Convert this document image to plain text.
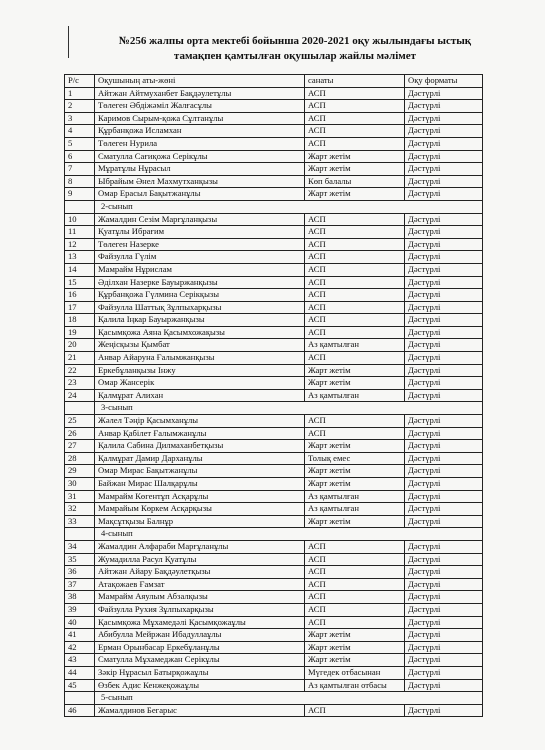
№256 жалпы орта мектебі бойынша 2020-2021 оқу жылындағы ыстық
тамақпен қамтылған оқушылар жайлы мәлімет
Р/с	Оқушының аты-жөні	санаты	Оқу форматы
1	Айтжан Айтмуханбет Бақдәулетұлы	АСП	Дәстүрлі
2	Төлеген Әбдіжәміл Жалғасұлы	АСП	Дәстүрлі
3	Каримов Сырым-қожа Сұлтанұлы	АСП	Дәстүрлі
4	Құрбанқожа Исламхан	АСП	Дәстүрлі
5	Төлеген Нурила	АСП	Дәстүрлі
6	Сматулла Сағиқожа Серікұлы	Жарт жетім	Дәстүрлі
7	Мұратұлы Нұрасыл	Жарт жетім	Дәстүрлі
8	Ыбрайым Әнел Махмутханқызы	Көп балалы	Дәстүрлі
9	Омар Ерасыл Бақытжанұлы	Жарт жетім	Дәстүрлі
	2-сынып		
10	Жамалдин Сезім Марғұланқызы	АСП	Дәстүрлі
11	Қуатұлы Ибрағим	АСП	Дәстүрлі
12	Төлеген Назерке	АСП	Дәстүрлі
13	Файзулла Гүлім	АСП	Дәстүрлі
14	Мамрайм Нұрислам	АСП	Дәстүрлі
15	Әділхан Назерке Бауыржанқызы	АСП	Дәстүрлі
16	Құрбанқожа Гүлмина Серікқызы	АСП	Дәстүрлі
17	Файзулла Шаттық Зұлпыхарқызы	АСП	Дәстүрлі
18	Қалила Іңкар Бауыржанқызы	АСП	Дәстүрлі
19	Қасымқожа Аяна Қасымхожақызы	АСП	Дәстүрлі
20	Жеңісқызы Қымбат	Аз қамтылған	Дәстүрлі
21	Анвар Айаруна Ғалымжанқызы	АСП	Дәстүрлі
22	Еркебұланқызы Інжу	Жарт жетім	Дәстүрлі
23	Омар Жансерік	Жарт жетім	Дәстүрлі
24	Қалмұрат Алихан	Аз қамтылған	Дәстүрлі
	3-сынып		
25	Жәлел Тәңір Қасымханұлы	АСП	Дәстүрлі
26	Анвар Қабілет Ғалымжанұлы	АСП	Дәстүрлі
27	Қалила Сабина Дилмаханбетқызы	Жарт жетім	Дәстүрлі
28	Қалмұрат Дамир Дарханұлы	Толық емес	Дәстүрлі
29	Омар Мирас Бақытжанұлы	Жарт жетім	Дәстүрлі
30	Байжан Мирас Шалқарұлы	Жарт жетім	Дәстүрлі
31	Мамрайм Көгентұп Асқарұлы	Аз қамтылған	Дәстүрлі
32	Мамрайым Көркем Асқарқызы	Аз қамтылған	Дәстүрлі
33	Мақсұтқызы Балнұр	Жарт жетім	Дәстүрлі
	4-сынып		
34	Жамалдин Алфараби Марғұланұлы	АСП	Дәстүрлі
35	Жумадилла Расул Қуатұлы	АСП	Дәстүрлі
36	Айтжан Айару Бақдәулетқызы	АСП	Дәстүрлі
37	Атақожаев Ғамзат	АСП	Дәстүрлі
38	Мамрайм Аяулым Абзалқызы	АСП	Дәстүрлі
39	Файзулла Рухия Зұлпыхарқызы	АСП	Дәстүрлі
40	Қасымқожа Мұхамедәлі Қасымқожаұлы	АСП	Дәстүрлі
41	Абибулла Мейржан Ибадуллаұлы	Жарт жетім	Дәстүрлі
42	Ерман Орынбасар Еркебұланұлы	Жарт жетім	Дәстүрлі
43	Сматулла Мұхамеджан Серікұлы	Жарт жетім	Дәстүрлі
44	Зәкір Нұрасыл Батырқожаұлы	Мүгедек отбасынан	Дәстүрлі
45	Өзбек Адис Кенжеқожаұлы	Аз қамтылған отбасы	Дәстүрлі
	5-сынып		
46	Жамалдинов Бегарыс	АСП	Дәстүрлі
